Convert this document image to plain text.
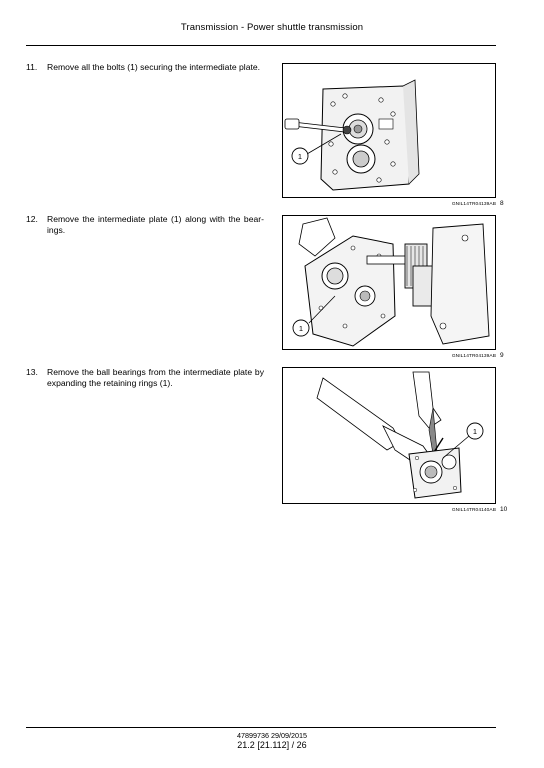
Transmission - Power shuttle transmission
11.	Remove all the bolts (1) securing the intermediate plate.
1
GNIL14TR04139AB 8
12.	Remove the intermediate plate (1) along with the bear-ings.
1
GNIL14TR04139AB 9
13.	Remove the ball bearings from the intermediate plate by expanding the retaining rings (1).
1
GNIL14TR04140AB 10
47899736 29/09/2015
21.2 [21.112] / 26
